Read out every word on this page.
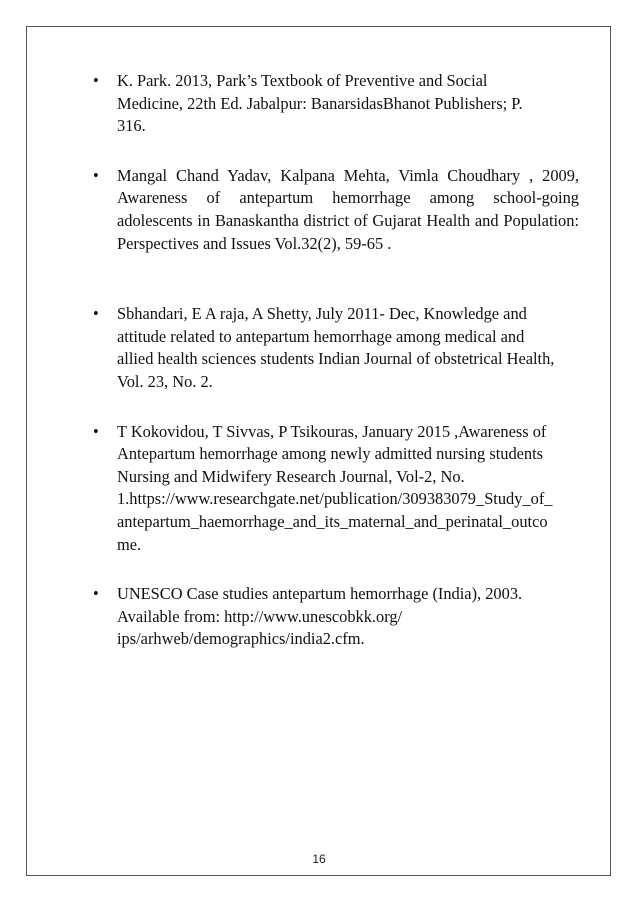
• K. Park. 2013, Park’s Textbook of Preventive and Social
Medicine, 22th Ed. Jabalpur: BanarsidasBhanot Publishers; P.
316.
• Mangal Chand Yadav, Kalpana Mehta, Vimla Choudhary , 2009, Awareness of antepartum hemorrhage among school-going adolescents in Banaskantha district of Gujarat Health and Population: Perspectives and Issues Vol.32(2), 59-65 .
• Sbhandari, E A raja, A Shetty, July 2011- Dec, Knowledge and
attitude related to antepartum hemorrhage among medical and
allied health sciences students Indian Journal of obstetrical Health,
Vol. 23, No. 2.
• T Kokovidou, T Sivvas, P Tsikouras, January 2015 ,Awareness of
Antepartum hemorrhage among newly admitted nursing students
Nursing and Midwifery Research Journal, Vol-2, No.
1.https://www.researchgate.net/publication/309383079_Study_of_
antepartum_haemorrhage_and_its_maternal_and_perinatal_outco
me.
• UNESCO Case studies antepartum hemorrhage (India), 2003.
Available from: http://www.unescobkk.org/
ips/arhweb/demographics/india2.cfm.
16
